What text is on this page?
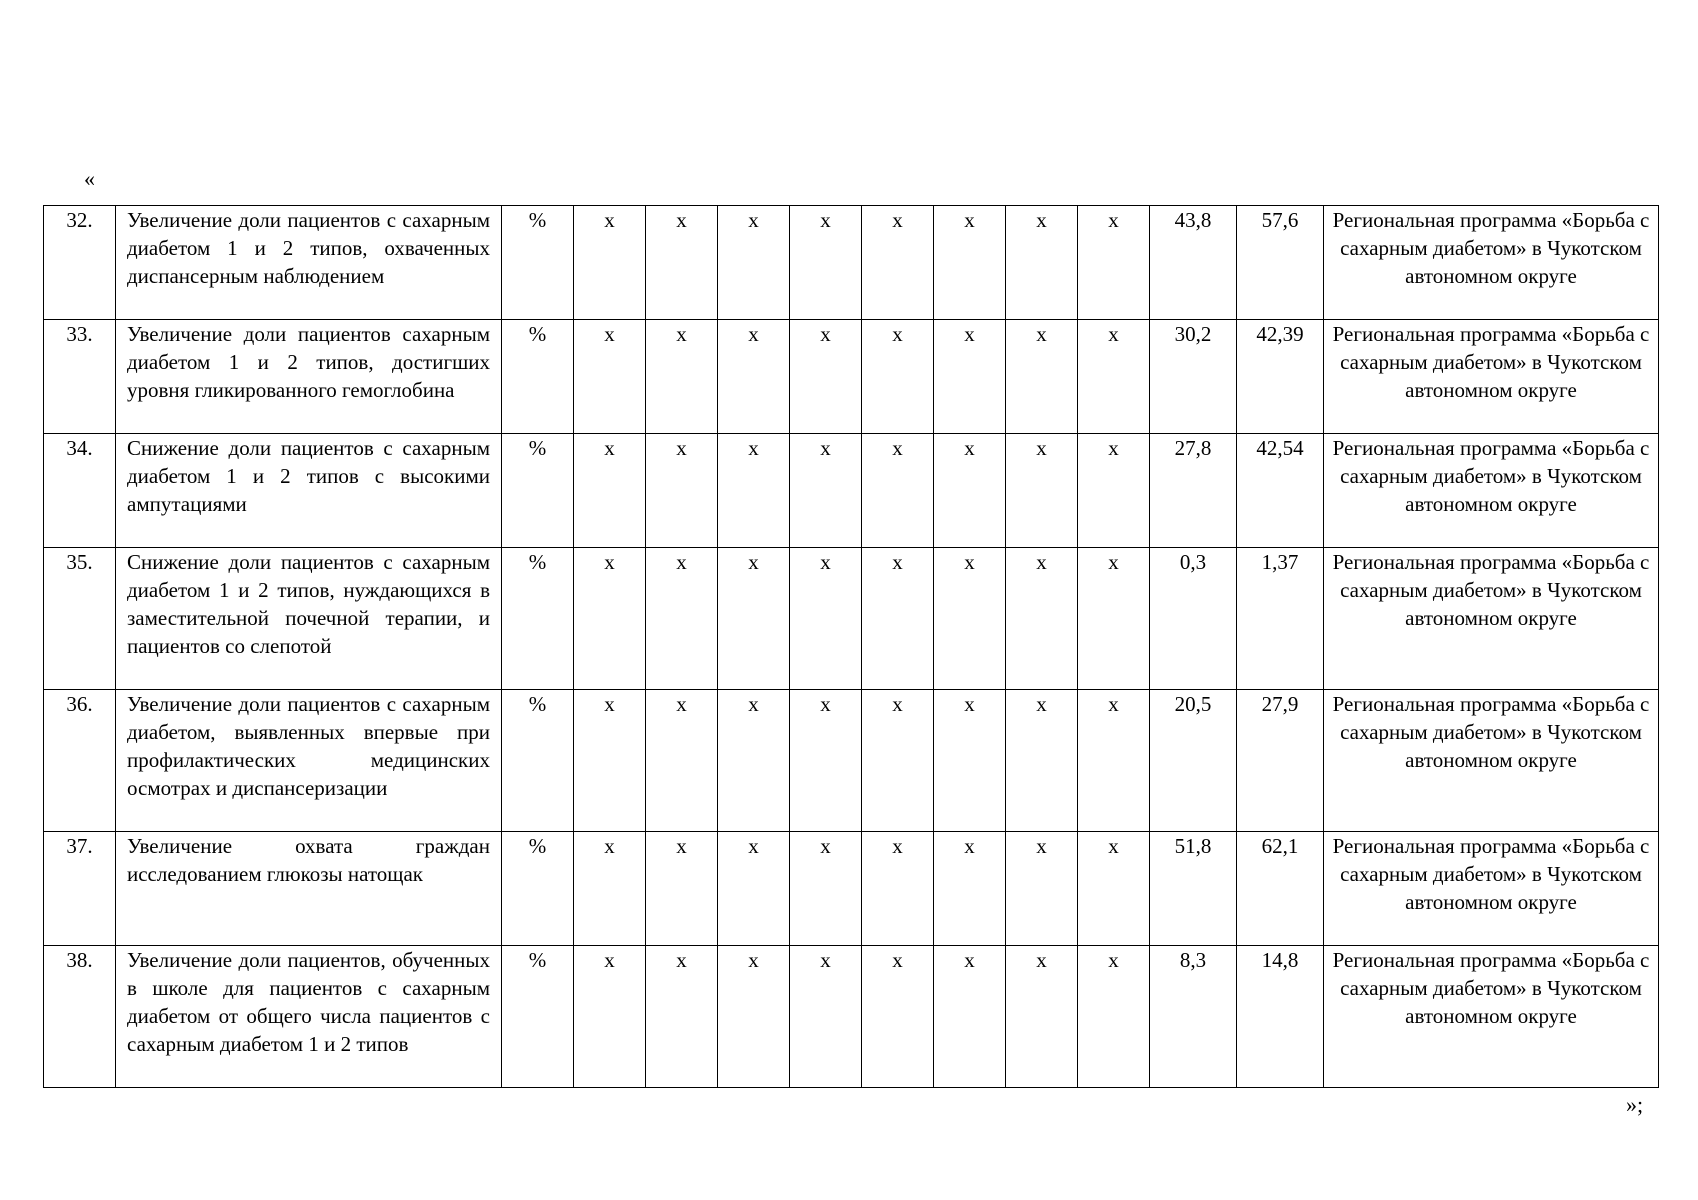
«
32.	Увеличение доли пациентов с сахарным диабетом 1 и 2 типов, охваченных диспансерным наблюдением	%	х	х	х	х	х	х	х	х	43,8	57,6	Региональная программа «Борьба с сахарным диабетом» в Чукотском автономном округе
33.	Увеличение доли пациентов сахарным диабетом 1 и 2 типов, достигших уровня гликированного гемоглобина	%	х	х	х	х	х	х	х	х	30,2	42,39	Региональная программа «Борьба с сахарным диабетом» в Чукотском автономном округе
34.	Снижение доли пациентов с сахарным диабетом 1 и 2 типов с высокими ампутациями	%	х	х	х	х	х	х	х	х	27,8	42,54	Региональная программа «Борьба с сахарным диабетом» в Чукотском автономном округе
35.	Снижение доли пациентов с сахарным диабетом 1 и 2 типов, нуждающихся в заместительной почечной терапии, и пациентов со слепотой	%	х	х	х	х	х	х	х	х	0,3	1,37	Региональная программа «Борьба с сахарным диабетом» в Чукотском автономном округе
36.	Увеличение доли пациентов с сахарным диабетом, выявленных впервые при профилактических медицинских осмотрах и диспансеризации	%	х	х	х	х	х	х	х	х	20,5	27,9	Региональная программа «Борьба с сахарным диабетом» в Чукотском автономном округе
37.	Увеличение охвата граждан исследованием глюкозы натощак	%	х	х	х	х	х	х	х	х	51,8	62,1	Региональная программа «Борьба с сахарным диабетом» в Чукотском автономном округе
38.	Увеличение доли пациентов, обученных в школе для пациентов с сахарным диабетом от общего числа пациентов с сахарным диабетом 1 и 2 типов	%	х	х	х	х	х	х	х	х	8,3	14,8	Региональная программа «Борьба с сахарным диабетом» в Чукотском автономном округе
»;
